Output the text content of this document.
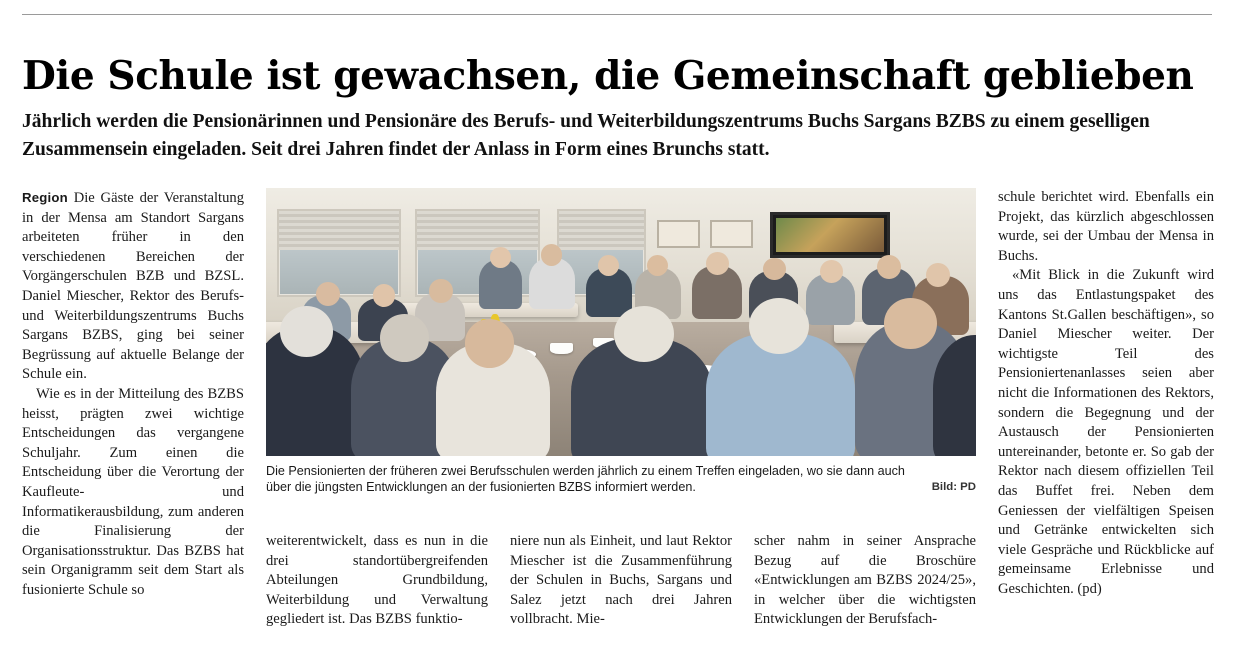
Die Schule ist gewachsen, die Gemeinschaft geblieben

Jährlich werden die Pensionärinnen und Pensionäre des Berufs- und Weiterbildungszentrums Buchs Sargans BZBS zu einem geselligen Zusammensein eingeladen. Seit drei Jahren findet der Anlass in Form eines Brunchs statt.

Region Die Gäste der Veranstaltung in der Mensa am Standort Sargans arbeiteten früher in den verschiedenen Bereichen der Vorgängerschulen BZB und BZSL. Daniel Miescher, Rektor des Berufs- und Weiterbildungszentrums Buchs Sargans BZBS, ging bei seiner Begrüssung auf aktuelle Belange der Schule ein.

Wie es in der Mitteilung des BZBS heisst, prägten zwei wichtige Entscheidungen das vergangene Schuljahr. Zum einen die Entscheidung über die Verortung der Kaufleute- und Informatikerausbildung, zum anderen die Finalisierung der Organisationsstruktur. Das BZBS hat sein Organigramm seit dem Start als fusionierte Schule so

Die Pensionierten der früheren zwei Berufsschulen werden jährlich zu einem Treffen eingeladen, wo sie dann auch über die jüngsten Entwicklungen an der fusionierten BZBS informiert werden.	Bild: PD

weiterentwickelt, dass es nun in die drei standortübergreifenden Abteilungen Grundbildung, Weiterbildung und Verwaltung gegliedert ist. Das BZBS funktio-

niere nun als Einheit, und laut Rektor Miescher ist die Zusammenführung der Schulen in Buchs, Sargans und Salez jetzt nach drei Jahren vollbracht. Mie-

scher nahm in seiner Ansprache Bezug auf die Broschüre «Entwicklungen am BZBS 2024/25», in welcher über die wichtigsten Entwicklungen der Berufsfach-

schule berichtet wird. Ebenfalls ein Projekt, das kürzlich abgeschlossen wurde, sei der Umbau der Mensa in Buchs.

«Mit Blick in die Zukunft wird uns das Entlastungspaket des Kantons St.Gallen beschäftigen», so Daniel Miescher weiter. Der wichtigste Teil des Pensioniertenanlasses seien aber nicht die Informationen des Rektors, sondern die Begegnung und der Austausch der Pensionierten untereinander, betonte er. So gab der Rektor nach diesem offiziellen Teil das Buffet frei. Neben dem Geniessen der vielfältigen Speisen und Getränke entwickelten sich viele Gespräche und Rückblicke auf gemeinsame Erlebnisse und Geschichten. (pd)
